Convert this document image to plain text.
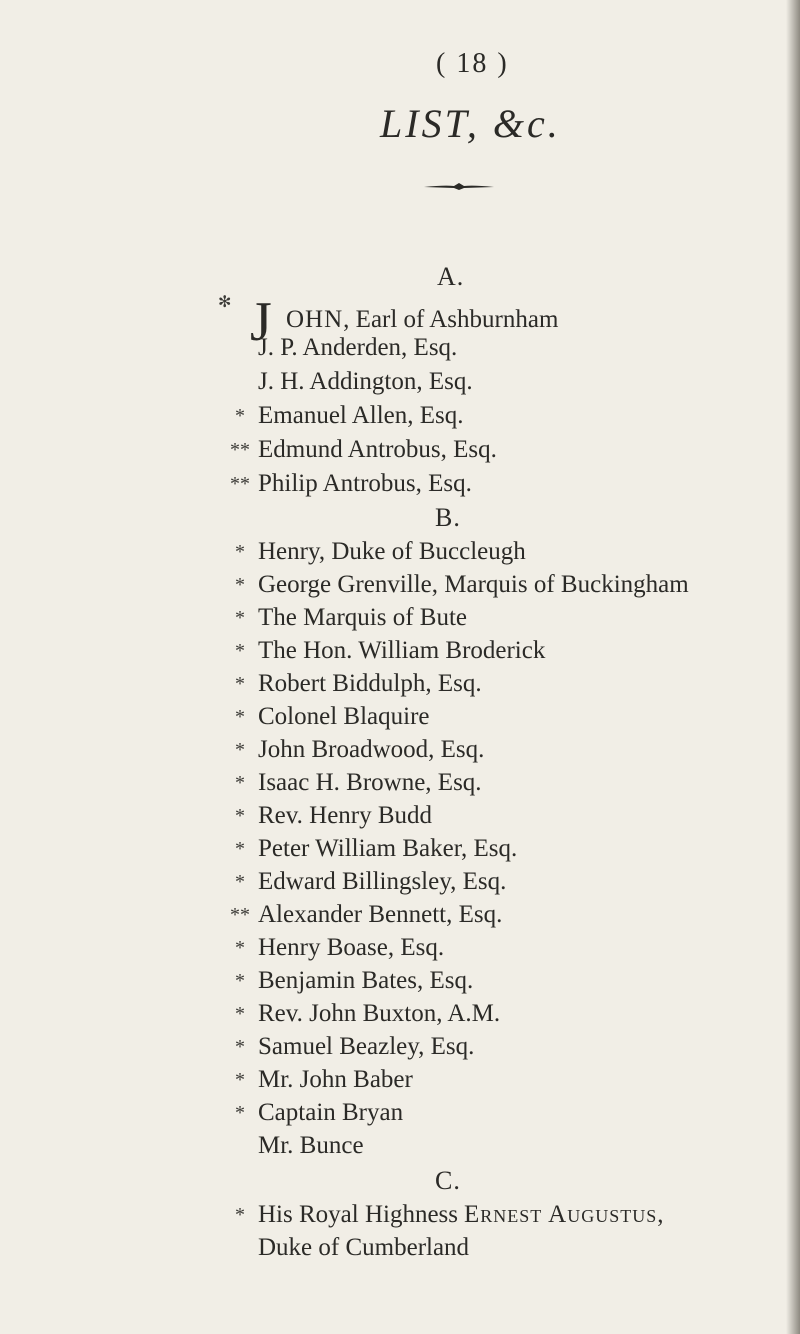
( 18 )
LIST, &c.
A.
✻ J OHN, Earl of Ashburnham
J. P. Anderden, Esq.
J. H. Addington, Esq.
* Emanuel Allen, Esq.
** Edmund Antrobus, Esq.
** Philip Antrobus, Esq.
B.
* Henry, Duke of Buccleugh
* George Grenville, Marquis of Buckingham
* The Marquis of Bute
* The Hon. William Broderick
* Robert Biddulph, Esq.
* Colonel Blaquire
* John Broadwood, Esq.
* Isaac H. Browne, Esq.
* Rev. Henry Budd
* Peter William Baker, Esq.
* Edward Billingsley, Esq.
** Alexander Bennett, Esq.
* Henry Boase, Esq.
* Benjamin Bates, Esq.
* Rev. John Buxton, A.M.
* Samuel Beazley, Esq.
* Mr. John Baber
* Captain Bryan
Mr. Bunce
C.
* His Royal HighnessErnest Augustus,
Duke of Cumberland
